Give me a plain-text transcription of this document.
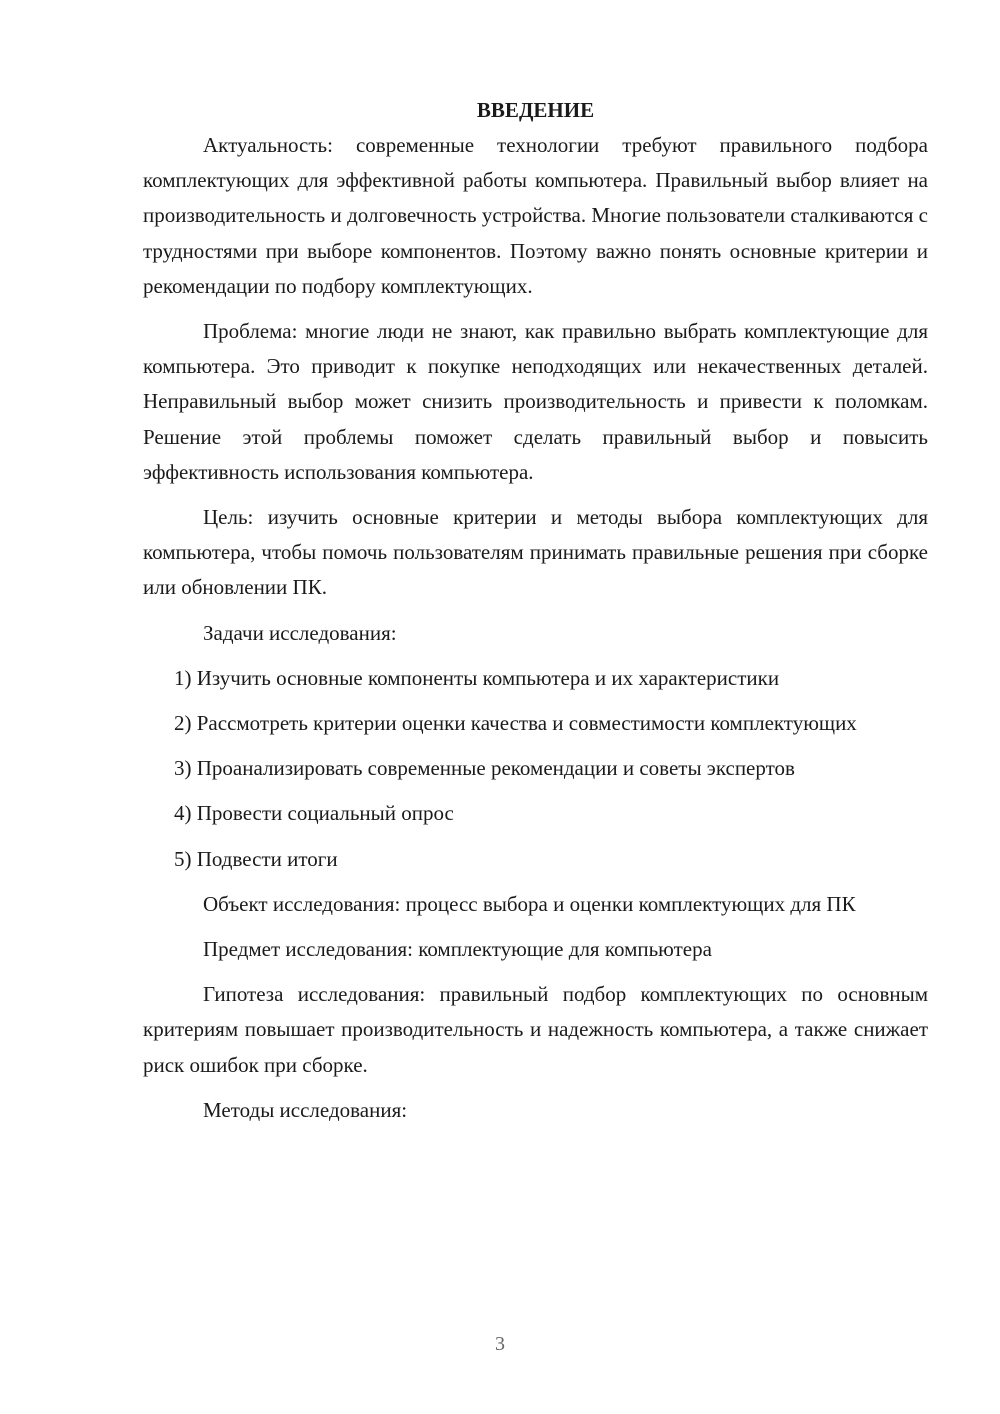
ВВЕДЕНИЕ

Актуальность: современные технологии требуют правильного подбора комплектующих для эффективной работы компьютера. Правильный выбор влияет на производительность и долговечность устройства. Многие пользователи сталкиваются с трудностями при выборе компонентов. Поэтому важно понять основные критерии и рекомендации по подбору комплектующих.

Проблема: многие люди не знают, как правильно выбрать комплектующие для компьютера. Это приводит к покупке неподходящих или некачественных деталей. Неправильный выбор может снизить производительность и привести к поломкам. Решение этой проблемы поможет сделать правильный выбор и повысить эффективность использования компьютера.

Цель: изучить основные критерии и методы выбора комплектующих для компьютера, чтобы помочь пользователям принимать правильные решения при сборке или обновлении ПК.

Задачи исследования:

1) Изучить основные компоненты компьютера и их характеристики

2) Рассмотреть критерии оценки качества и совместимости комплектующих

3) Проанализировать современные рекомендации и советы экспертов

4) Провести социальный опрос

5) Подвести итоги

Объект исследования: процесс выбора и оценки комплектующих для ПК

Предмет исследования: комплектующие для компьютера

Гипотеза исследования: правильный подбор комплектующих по основным критериям повышает производительность и надежность компьютера, а также снижает риск ошибок при сборке.

Методы исследования:

3
